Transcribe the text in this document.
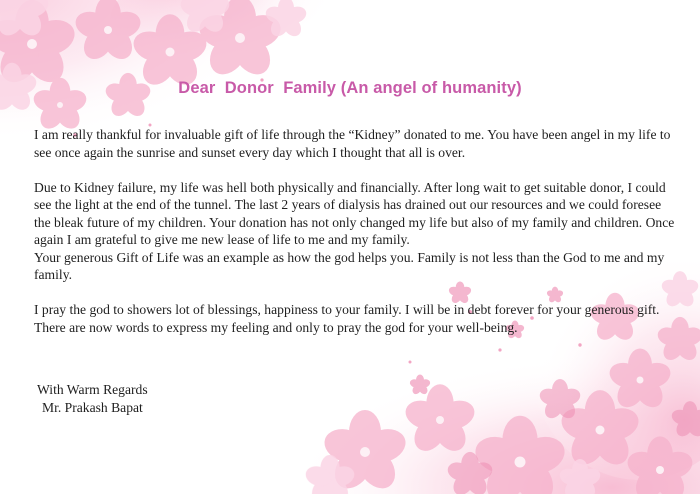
Dear  Donor  Family (An angel of humanity)

I am really thankful for invaluable gift of life through the “Kidney” donated to me. You have been angel in my life to see once again the sunrise and sunset every day which I thought that all is over.

Due to Kidney failure, my life was hell both physically and financially. After long wait to get suitable donor, I could see the light at the end of the tunnel. The last 2 years of dialysis has drained out our resources and we could foresee the bleak future of my children. Your donation has not only changed my life but also of my family and children. Once again I am grateful to give me new lease of life to me and my family.

Your generous Gift of Life was an example as how the god helps you. Family is not less than the God to me and my family.

I pray the god to showers lot of blessings, happiness to your family. I will be in debt forever for your generous gift. There are now words to express my feeling and only to pray the god for your well-being.

With Warm Regards
Mr. Prakash Bapat
